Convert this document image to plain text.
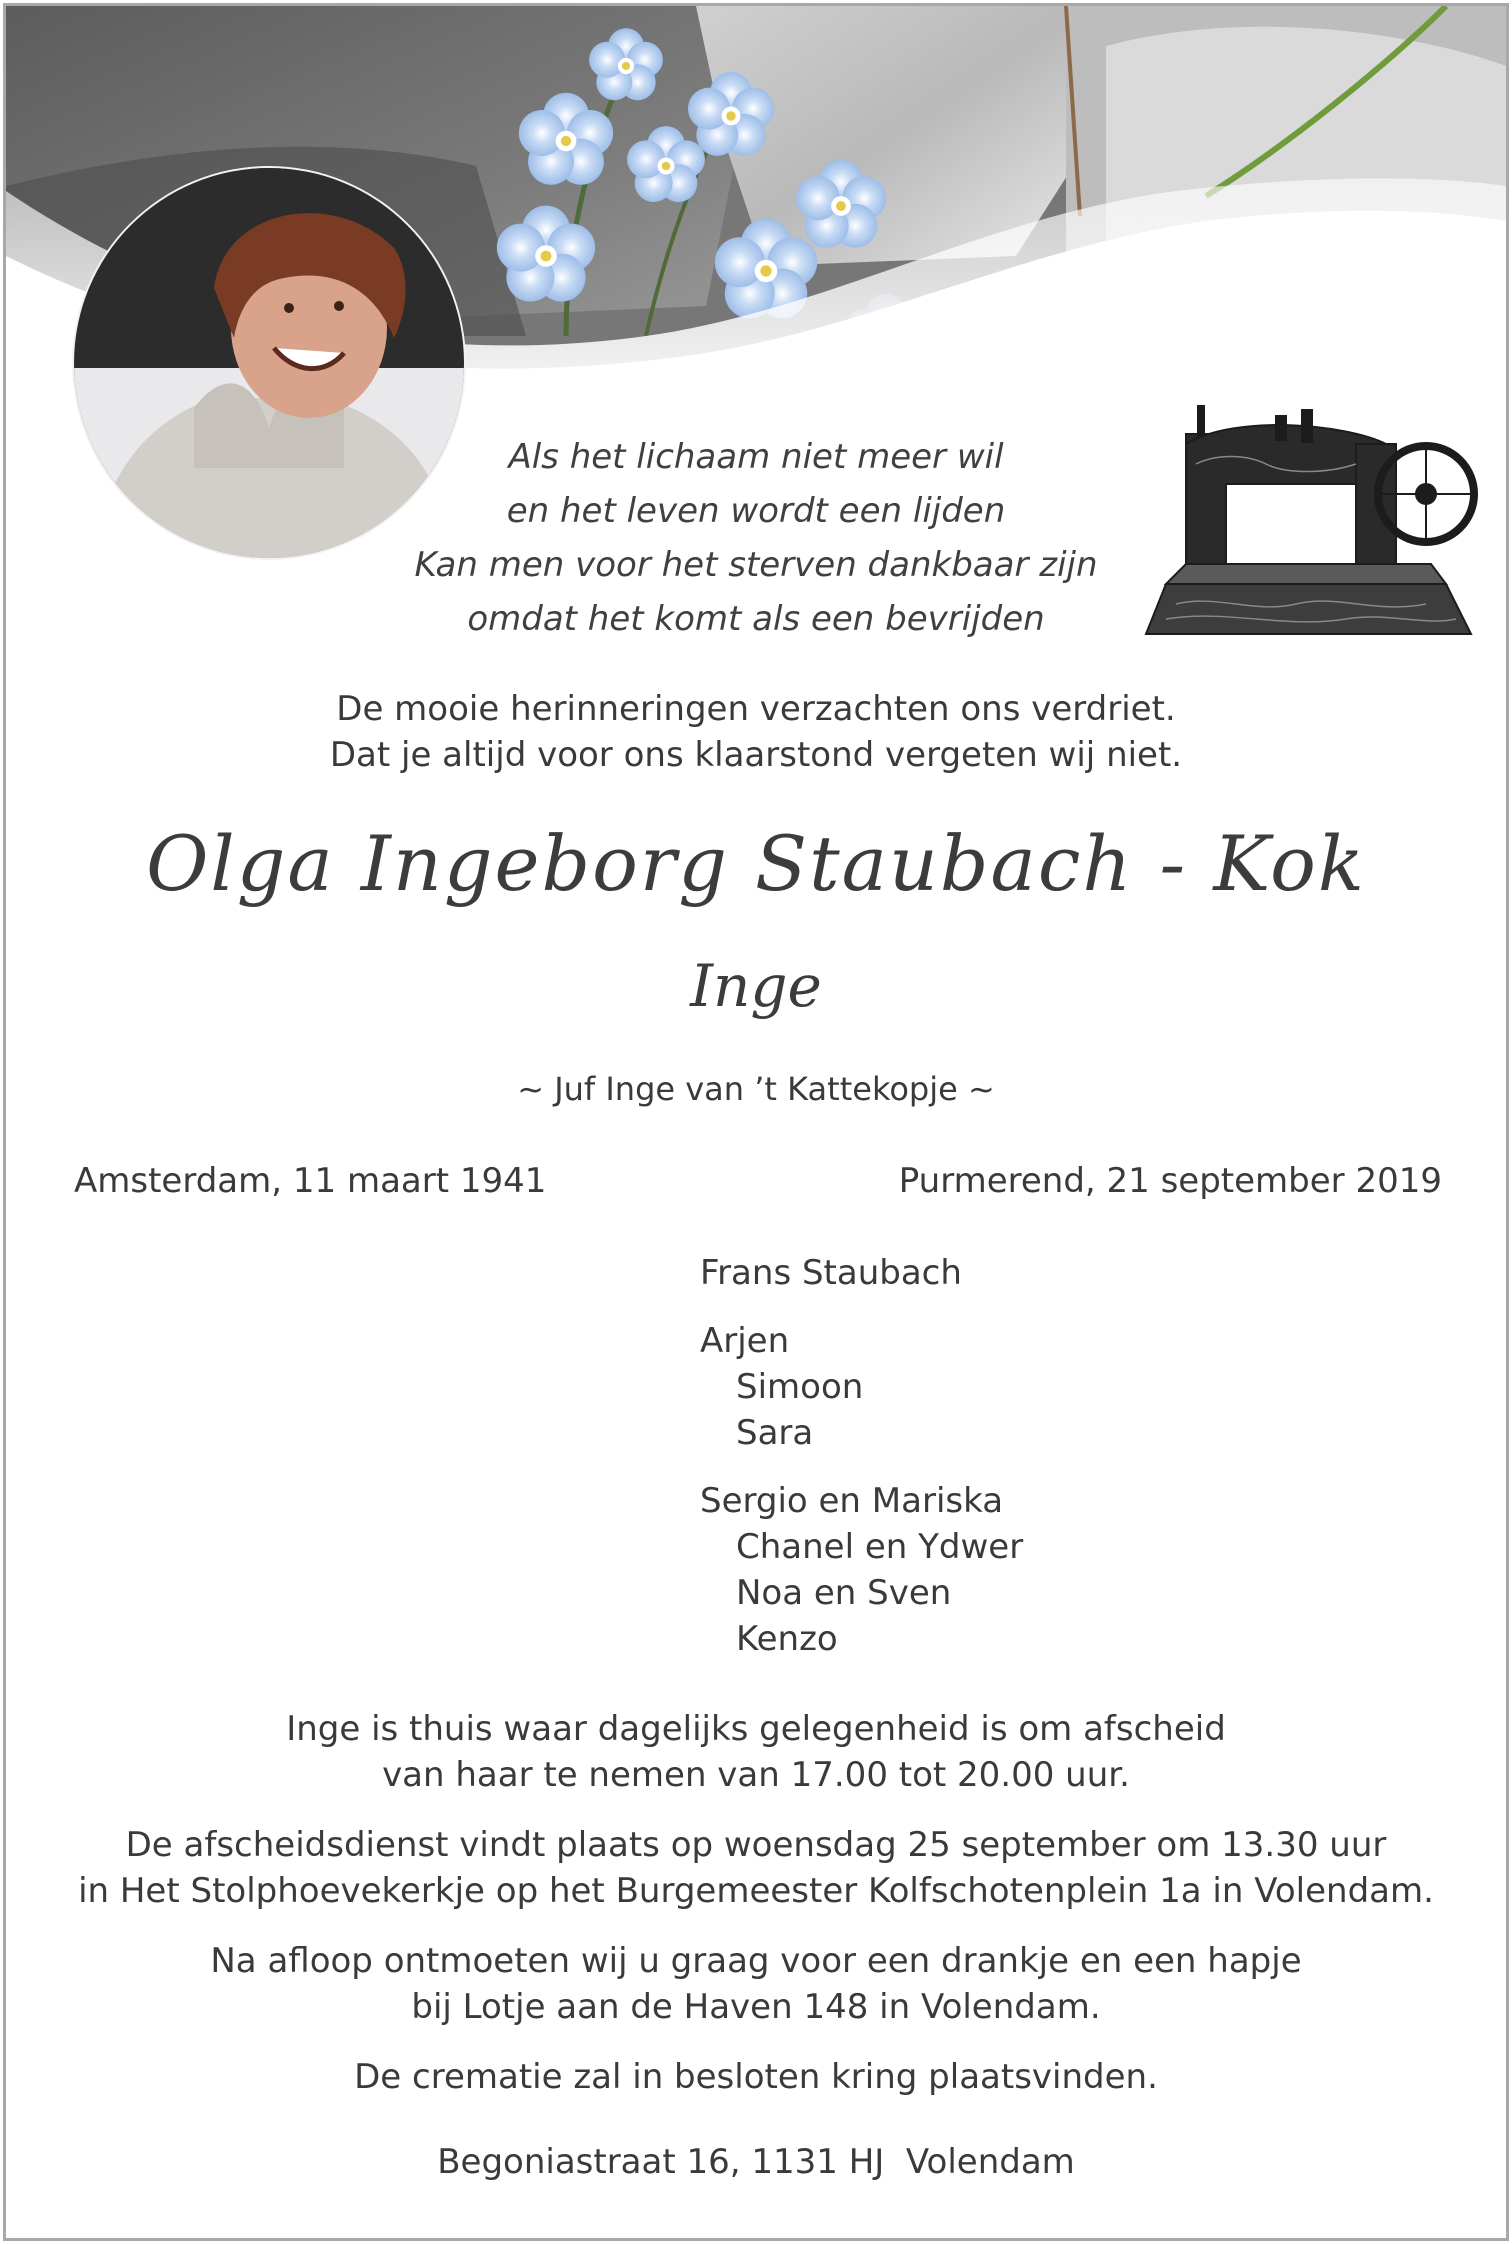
Als het lichaam niet meer wil
en het leven wordt een lijden
Kan men voor het sterven dankbaar zijn
omdat het komt als een bevrijden
De mooie herinneringen verzachten ons verdriet.
Dat je altijd voor ons klaarstond vergeten wij niet.
Olga Ingeborg Staubach - Kok
Inge
~ Juf Inge van ’t Kattekopje ~
Amsterdam, 11 maart 1941	Purmerend, 21 september 2019
Frans Staubach
Arjen
Simoon
Sara
Sergio en Mariska
Chanel en Ydwer
Noa en Sven
Kenzo
Inge is thuis waar dagelijks gelegenheid is om afscheid
van haar te nemen van 17.00 tot 20.00 uur.
De afscheidsdienst vindt plaats op woensdag 25 september om 13.30 uur
in Het Stolphoevekerkje op het Burgemeester Kolfschotenplein 1a in Volendam.
Na afloop ontmoeten wij u graag voor een drankje en een hapje
bij Lotje aan de Haven 148 in Volendam.
De crematie zal in besloten kring plaatsvinden.
Begoniastraat 16, 1131 HJ  Volendam
